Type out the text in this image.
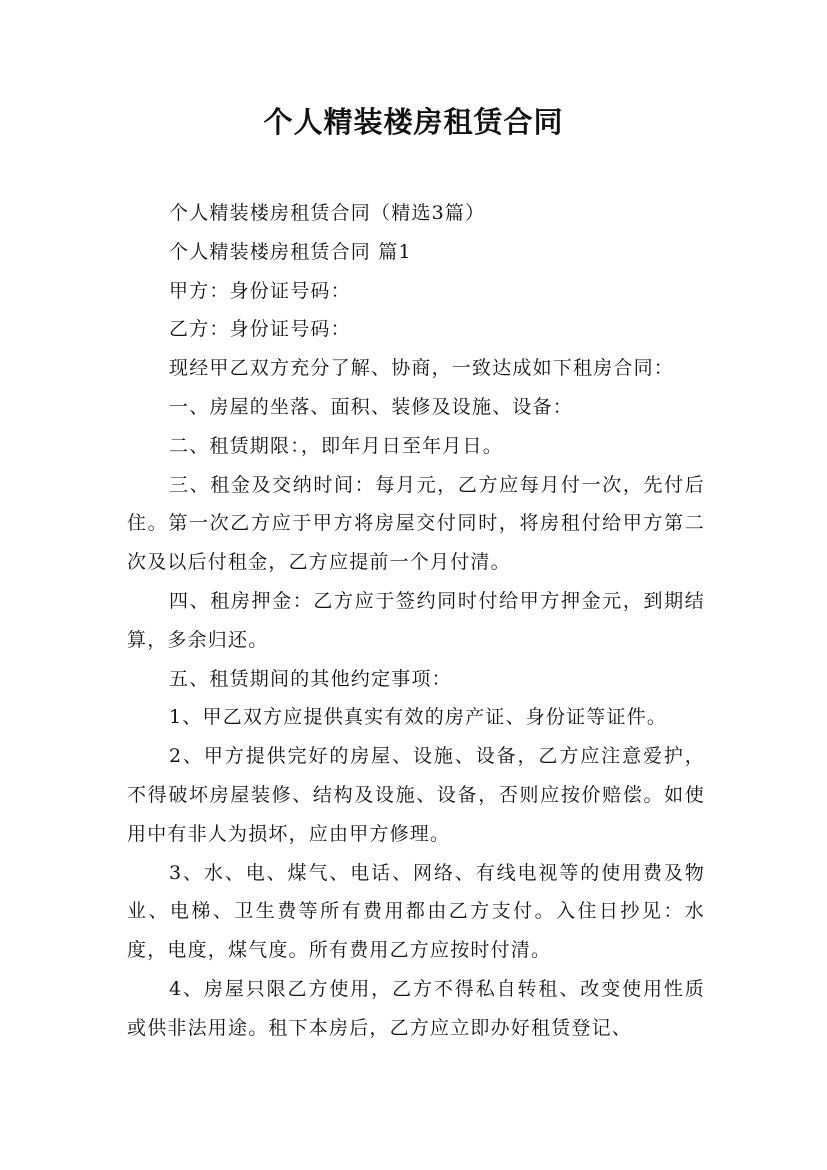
个人精装楼房租赁合同

个人精装楼房租赁合同（精选3篇）

个人精装楼房租赁合同 篇1

甲方：身份证号码：

乙方：身份证号码：

现经甲乙双方充分了解、协商，一致达成如下租房合同：

一、房屋的坐落、面积、装修及设施、设备：

二、租赁期限：，即年月日至年月日。

三、租金及交纳时间：每月元，乙方应每月付一次，先付后住。第一次乙方应于甲方将房屋交付同时，将房租付给甲方第二次及以后付租金，乙方应提前一个月付清。

四、租房押金：乙方应于签约同时付给甲方押金元，到期结算，多余归还。

五、租赁期间的其他约定事项：

1、甲乙双方应提供真实有效的房产证、身份证等证件。

2、甲方提供完好的房屋、设施、设备，乙方应注意爱护，不得破坏房屋装修、结构及设施、设备，否则应按价赔偿。如使用中有非人为损坏，应由甲方修理。

3、水、电、煤气、电话、网络、有线电视等的使用费及物业、电梯、卫生费等所有费用都由乙方支付。入住日抄见：水度，电度，煤气度。所有费用乙方应按时付清。

4、房屋只限乙方使用，乙方不得私自转租、改变使用性质或供非法用途。租下本房后，乙方应立即办好租赁登记、
